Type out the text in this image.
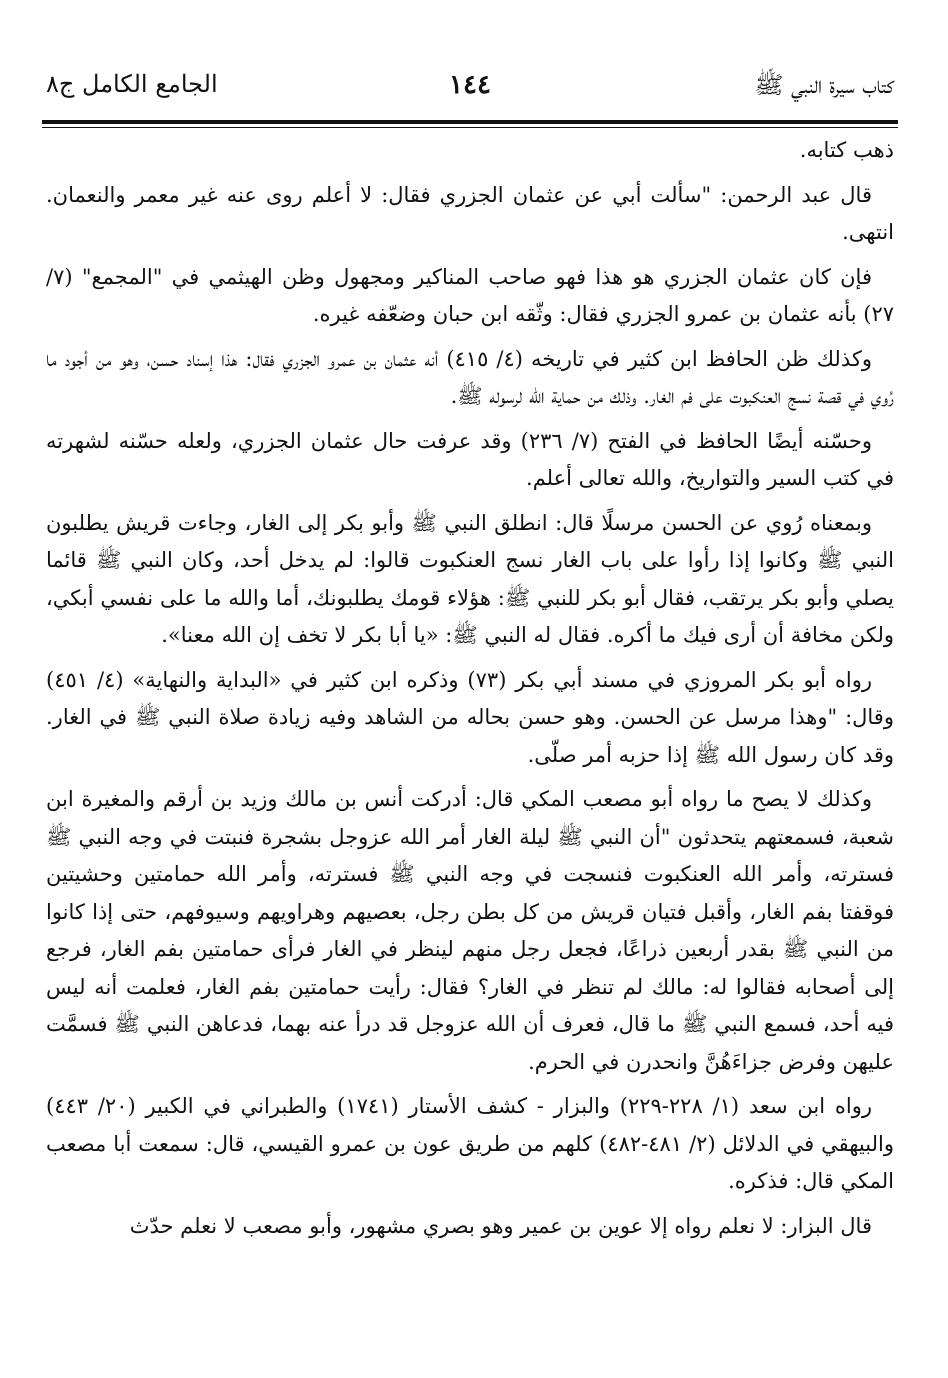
كتاب سيرة النبي ﷺ
١٤٤
الجامع الكامل ج٨

ذهب كتابه.

قال عبد الرحمن: "سألت أبي عن عثمان الجزري فقال: لا أعلم روى عنه غير معمر والنعمان. انتهى.

فإن كان عثمان الجزري هو هذا فهو صاحب المناكير ومجهول وظن الهيثمي في "المجمع" (٧/ ٢٧) بأنه عثمان بن عمرو الجزري فقال: وثّقه ابن حبان وضعّفه غيره.

وكذلك ظن الحافظ ابن كثير في تاريخه (٤/ ٤١٥) أنه عثمان بن عمرو الجزري فقال: هذا إسناد حسن، وهو من أجود ما رُوي في قصة نسج العنكبوت على فم الغار. وذلك من حماية الله لرسوله ﷺ.

وحسّنه أيضًا الحافظ في الفتح (٧/ ٢٣٦) وقد عرفت حال عثمان الجزري، ولعله حسّنه لشهرته في كتب السير والتواريخ، والله تعالى أعلم.

وبمعناه رُوي عن الحسن مرسلًا قال: انطلق النبي ﷺ وأبو بكر إلى الغار، وجاءت قريش يطلبون النبي ﷺ وكانوا إذا رأوا على باب الغار نسج العنكبوت قالوا: لم يدخل أحد، وكان النبي ﷺ قائما يصلي وأبو بكر يرتقب، فقال أبو بكر للنبي ﷺ: هؤلاء قومك يطلبونك، أما والله ما على نفسي أبكي، ولكن مخافة أن أرى فيك ما أكره. فقال له النبي ﷺ: «يا أبا بكر لا تخف إن الله معنا».

رواه أبو بكر المروزي في مسند أبي بكر (٧٣) وذكره ابن كثير في «البداية والنهاية» (٤/ ٤٥١) وقال: "وهذا مرسل عن الحسن. وهو حسن بحاله من الشاهد وفيه زيادة صلاة النبي ﷺ في الغار. وقد كان رسول الله ﷺ إذا حزبه أمر صلّى.

وكذلك لا يصح ما رواه أبو مصعب المكي قال: أدركت أنس بن مالك وزيد بن أرقم والمغيرة ابن شعبة، فسمعتهم يتحدثون "أن النبي ﷺ ليلة الغار أمر الله عزوجل بشجرة فنبتت في وجه النبي ﷺ فسترته، وأمر الله العنكبوت فنسجت في وجه النبي ﷺ فسترته، وأمر الله حمامتين وحشيتين فوقفتا بفم الغار، وأقبل فتيان قريش من كل بطن رجل، بعصيهم وهراويهم وسيوفهم، حتى إذا كانوا من النبي ﷺ بقدر أربعين ذراعًا، فجعل رجل منهم لينظر في الغار فرأى حمامتين بفم الغار، فرجع إلى أصحابه فقالوا له: مالك لم تنظر في الغار؟ فقال: رأيت حمامتين بفم الغار، فعلمت أنه ليس فيه أحد، فسمع النبي ﷺ ما قال، فعرف أن الله عزوجل قد درأ عنه بهما، فدعاهن النبي ﷺ فسمَّت عليهن وفرض جزاءَهُنَّ وانحدرن في الحرم.

رواه ابن سعد (١/ ٢٢٨-٢٢٩) والبزار - كشف الأستار (١٧٤١) والطبراني في الكبير (٢٠/ ٤٤٣) والبيهقي في الدلائل (٢/ ٤٨١-٤٨٢) كلهم من طريق عون بن عمرو القيسي، قال: سمعت أبا مصعب المكي قال: فذكره.

قال البزار: لا نعلم رواه إلا عوين بن عمير وهو بصري مشهور، وأبو مصعب لا نعلم حدّث
